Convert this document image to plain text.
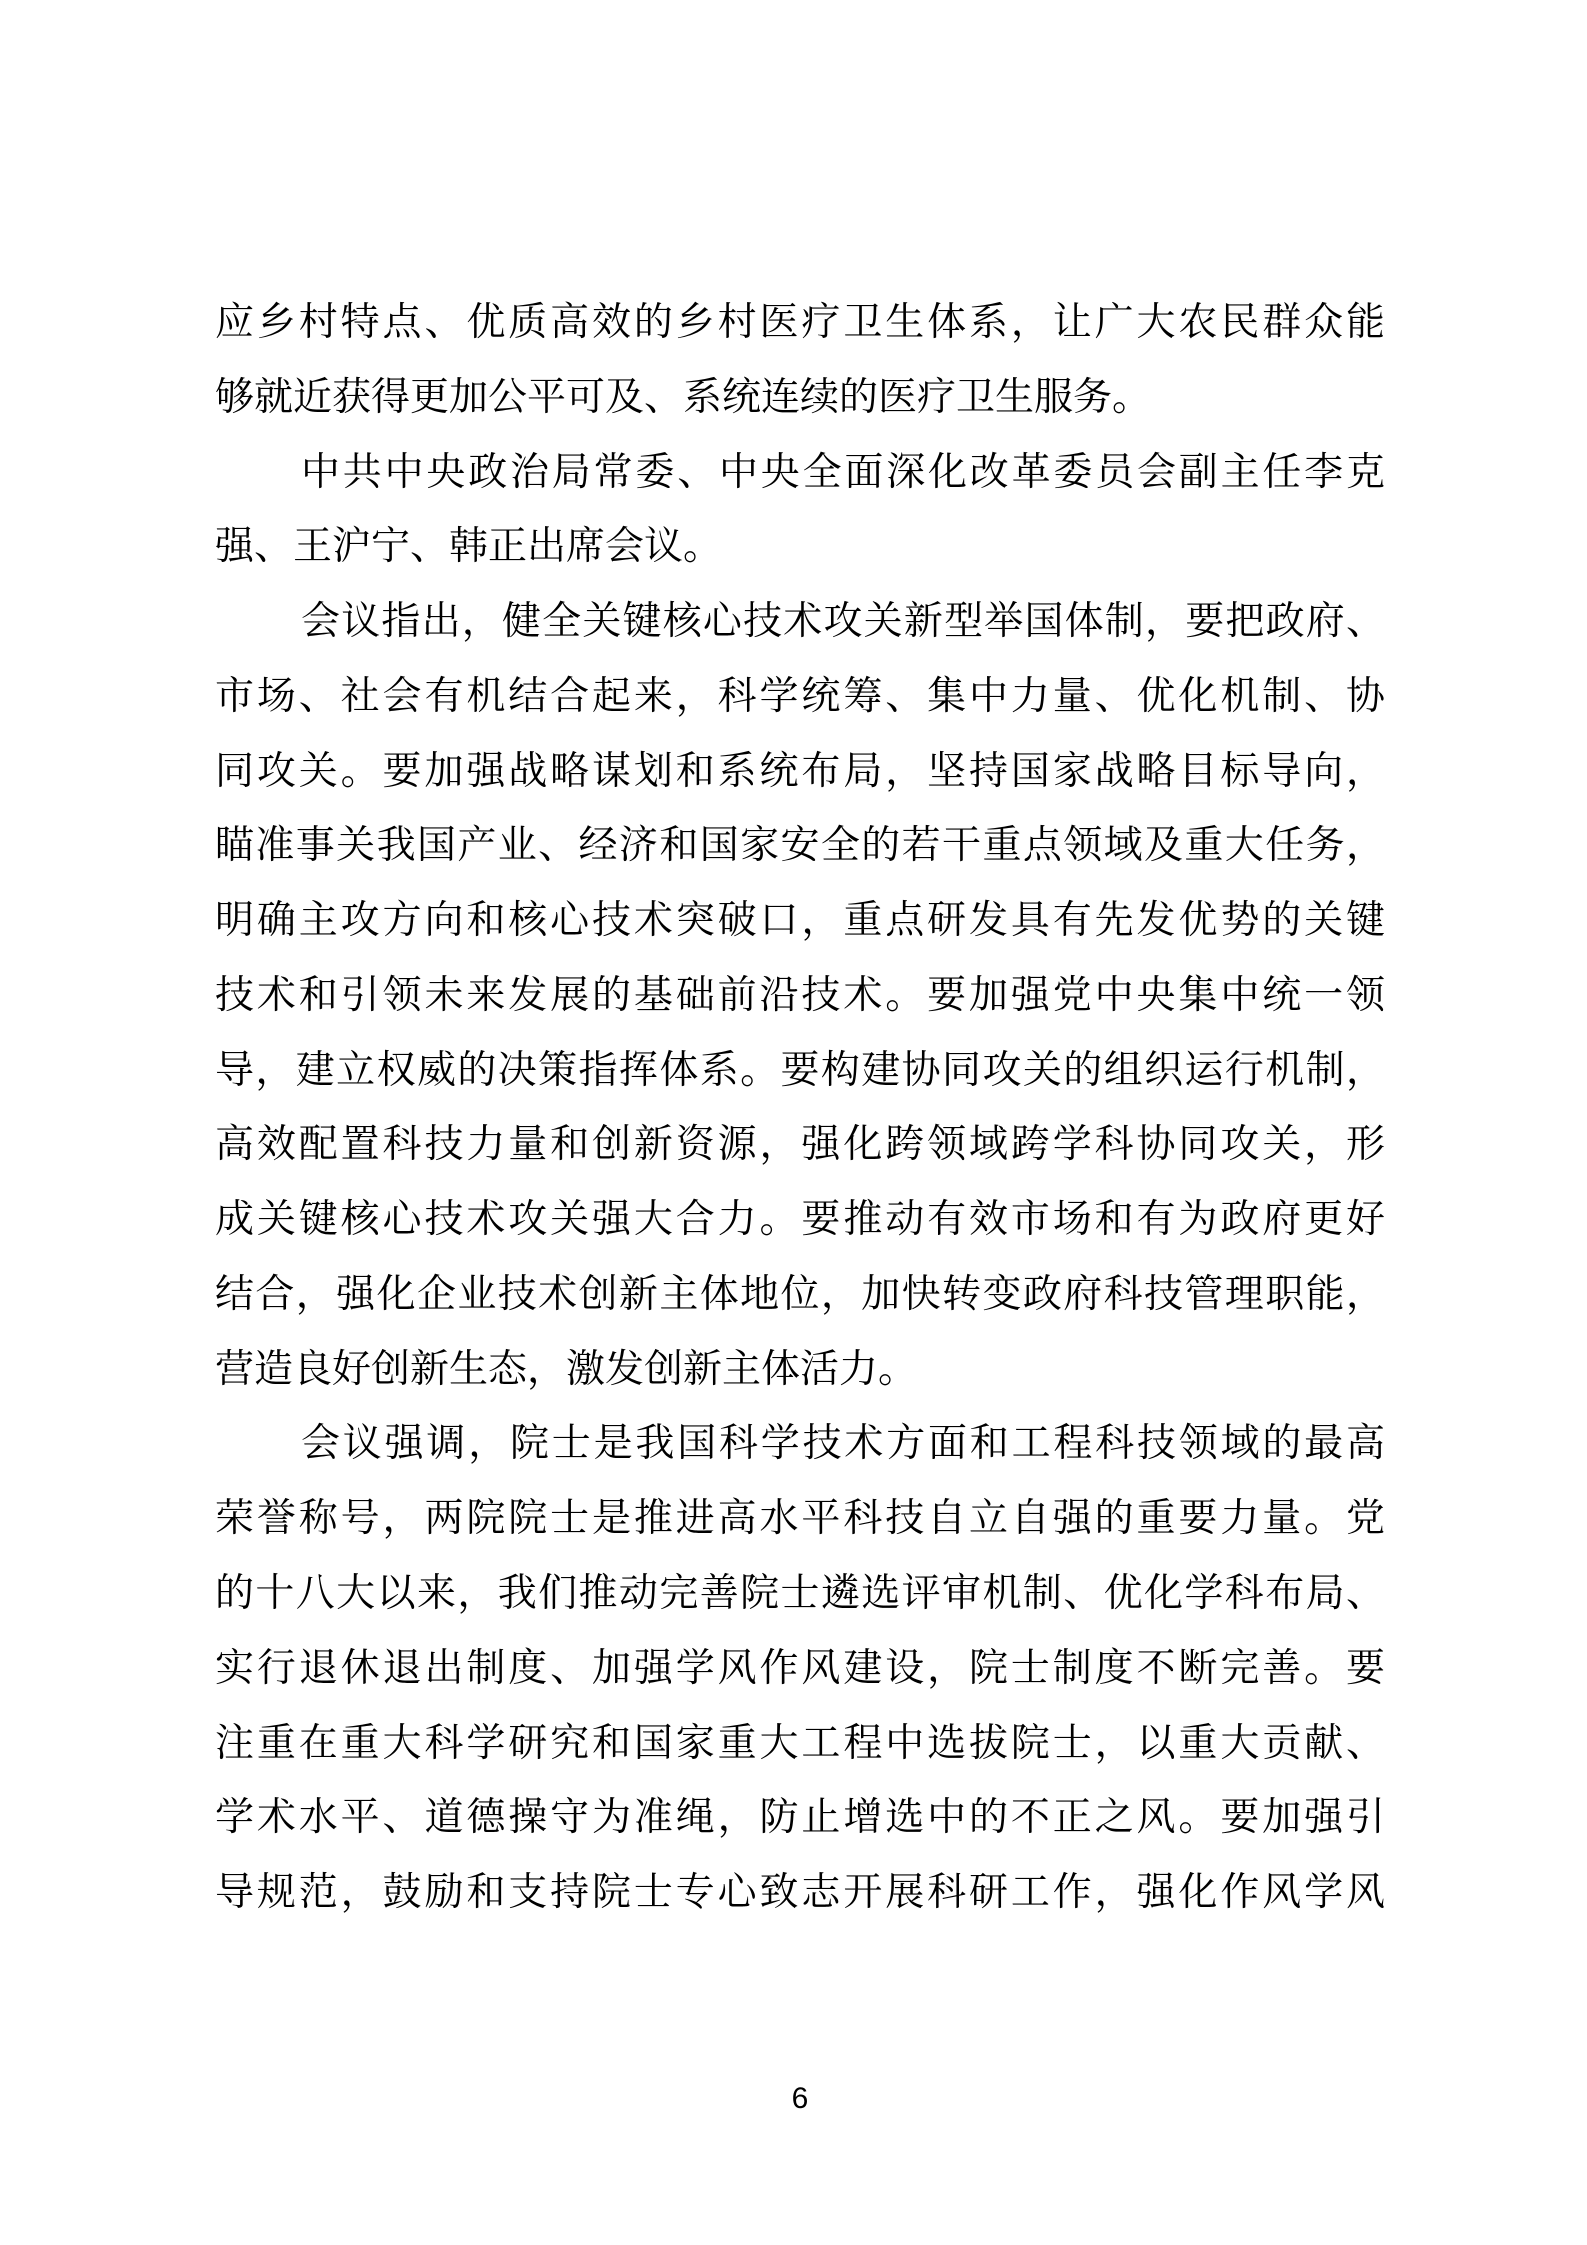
应乡村特点、优质高效的乡村医疗卫生体系，让广大农民群众能
够就近获得更加公平可及、系统连续的医疗卫生服务。
中共中央政治局常委、中央全面深化改革委员会副主任李克
强、王沪宁、韩正出席会议。
会议指出，健全关键核心技术攻关新型举国体制，要把政府、
市场、社会有机结合起来，科学统筹、集中力量、优化机制、协
同攻关。要加强战略谋划和系统布局，坚持国家战略目标导向，
瞄准事关我国产业、经济和国家安全的若干重点领域及重大任务，
明确主攻方向和核心技术突破口，重点研发具有先发优势的关键
技术和引领未来发展的基础前沿技术。要加强党中央集中统一领
导，建立权威的决策指挥体系。要构建协同攻关的组织运行机制，
高效配置科技力量和创新资源，强化跨领域跨学科协同攻关，形
成关键核心技术攻关强大合力。要推动有效市场和有为政府更好
结合，强化企业技术创新主体地位，加快转变政府科技管理职能，
营造良好创新生态，激发创新主体活力。
会议强调，院士是我国科学技术方面和工程科技领域的最高
荣誉称号，两院院士是推进高水平科技自立自强的重要力量。党
的十八大以来，我们推动完善院士遴选评审机制、优化学科布局、
实行退休退出制度、加强学风作风建设，院士制度不断完善。要
注重在重大科学研究和国家重大工程中选拔院士，以重大贡献、
学术水平、道德操守为准绳，防止增选中的不正之风。要加强引
导规范，鼓励和支持院士专心致志开展科研工作，强化作风学风
6
